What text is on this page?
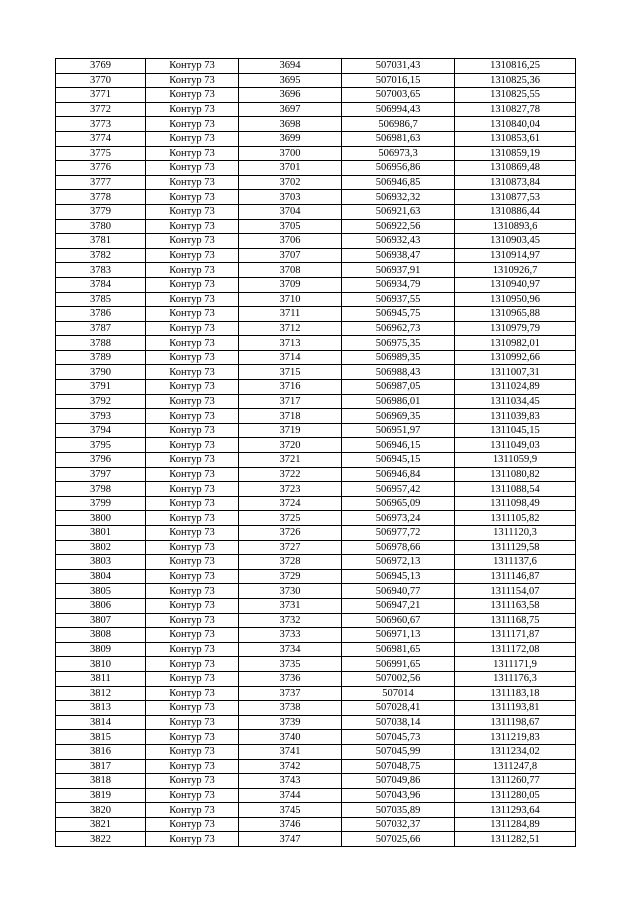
3769	Контур 73	3694	507031,43	1310816,25
3770	Контур 73	3695	507016,15	1310825,36
3771	Контур 73	3696	507003,65	1310825,55
3772	Контур 73	3697	506994,43	1310827,78
3773	Контур 73	3698	506986,7	1310840,04
3774	Контур 73	3699	506981,63	1310853,61
3775	Контур 73	3700	506973,3	1310859,19
3776	Контур 73	3701	506956,86	1310869,48
3777	Контур 73	3702	506946,85	1310873,84
3778	Контур 73	3703	506932,32	1310877,53
3779	Контур 73	3704	506921,63	1310886,44
3780	Контур 73	3705	506922,56	1310893,6
3781	Контур 73	3706	506932,43	1310903,45
3782	Контур 73	3707	506938,47	1310914,97
3783	Контур 73	3708	506937,91	1310926,7
3784	Контур 73	3709	506934,79	1310940,97
3785	Контур 73	3710	506937,55	1310950,96
3786	Контур 73	3711	506945,75	1310965,88
3787	Контур 73	3712	506962,73	1310979,79
3788	Контур 73	3713	506975,35	1310982,01
3789	Контур 73	3714	506989,35	1310992,66
3790	Контур 73	3715	506988,43	1311007,31
3791	Контур 73	3716	506987,05	1311024,89
3792	Контур 73	3717	506986,01	1311034,45
3793	Контур 73	3718	506969,35	1311039,83
3794	Контур 73	3719	506951,97	1311045,15
3795	Контур 73	3720	506946,15	1311049,03
3796	Контур 73	3721	506945,15	1311059,9
3797	Контур 73	3722	506946,84	1311080,82
3798	Контур 73	3723	506957,42	1311088,54
3799	Контур 73	3724	506965,09	1311098,49
3800	Контур 73	3725	506973,24	1311105,82
3801	Контур 73	3726	506977,72	1311120,3
3802	Контур 73	3727	506978,66	1311129,58
3803	Контур 73	3728	506972,13	1311137,6
3804	Контур 73	3729	506945,13	1311146,87
3805	Контур 73	3730	506940,77	1311154,07
3806	Контур 73	3731	506947,21	1311163,58
3807	Контур 73	3732	506960,67	1311168,75
3808	Контур 73	3733	506971,13	1311171,87
3809	Контур 73	3734	506981,65	1311172,08
3810	Контур 73	3735	506991,65	1311171,9
3811	Контур 73	3736	507002,56	1311176,3
3812	Контур 73	3737	507014	1311183,18
3813	Контур 73	3738	507028,41	1311193,81
3814	Контур 73	3739	507038,14	1311198,67
3815	Контур 73	3740	507045,73	1311219,83
3816	Контур 73	3741	507045,99	1311234,02
3817	Контур 73	3742	507048,75	1311247,8
3818	Контур 73	3743	507049,86	1311260,77
3819	Контур 73	3744	507043,96	1311280,05
3820	Контур 73	3745	507035,89	1311293,64
3821	Контур 73	3746	507032,37	1311284,89
3822	Контур 73	3747	507025,66	1311282,51
